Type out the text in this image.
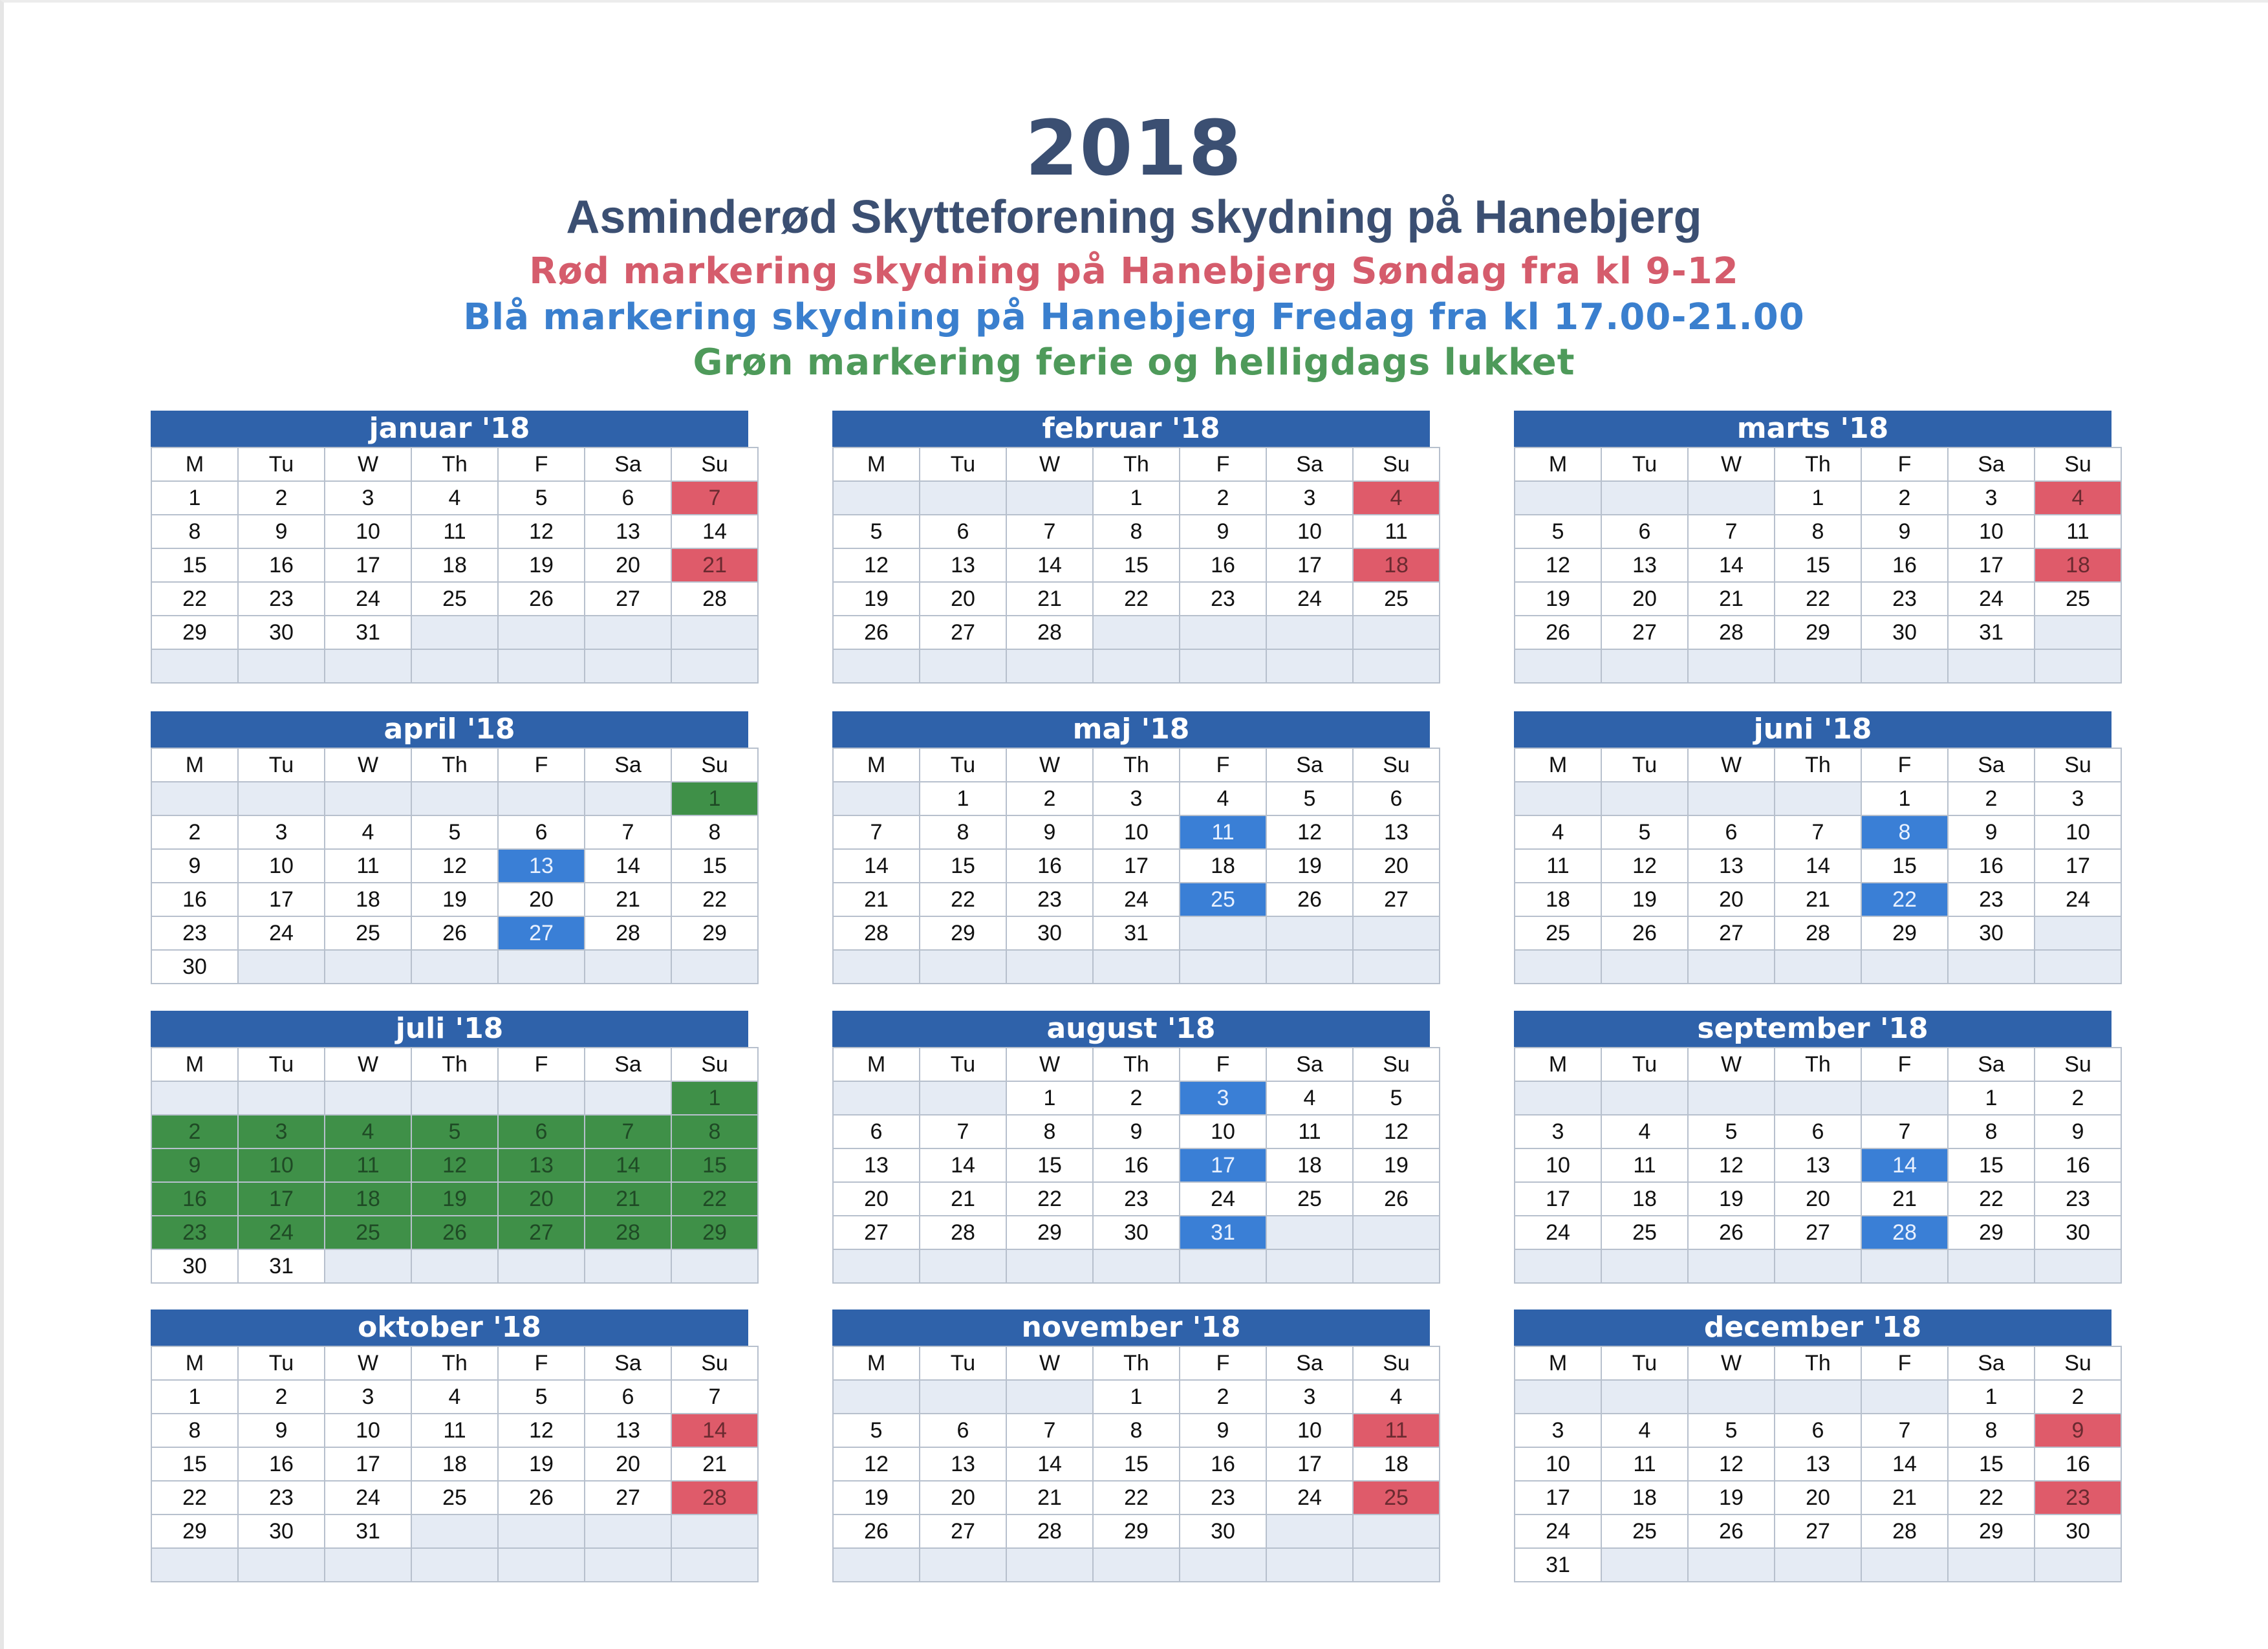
2018
Asminderød Skytteforening skydning på Hanebjerg
Rød markering skydning på Hanebjerg Søndag fra kl 9-12
Blå markering skydning på Hanebjerg Fredag fra kl 17.00-21.00
Grøn markering ferie og helligdags lukket
januar '18
M	Tu	W	Th	F	Sa	Su
1	2	3	4	5	6	7
8	9	10	11	12	13	14
15	16	17	18	19	20	21
22	23	24	25	26	27	28
29	30	31				

februar '18
M	Tu	W	Th	F	Sa	Su
			1	2	3	4
5	6	7	8	9	10	11
12	13	14	15	16	17	18
19	20	21	22	23	24	25
26	27	28				

marts '18
M	Tu	W	Th	F	Sa	Su
			1	2	3	4
5	6	7	8	9	10	11
12	13	14	15	16	17	18
19	20	21	22	23	24	25
26	27	28	29	30	31	

april '18
M	Tu	W	Th	F	Sa	Su
						1
2	3	4	5	6	7	8
9	10	11	12	13	14	15
16	17	18	19	20	21	22
23	24	25	26	27	28	29
30						
maj '18
M	Tu	W	Th	F	Sa	Su
	1	2	3	4	5	6
7	8	9	10	11	12	13
14	15	16	17	18	19	20
21	22	23	24	25	26	27
28	29	30	31			

juni '18
M	Tu	W	Th	F	Sa	Su
				1	2	3
4	5	6	7	8	9	10
11	12	13	14	15	16	17
18	19	20	21	22	23	24
25	26	27	28	29	30	

juli '18
M	Tu	W	Th	F	Sa	Su
						1
2	3	4	5	6	7	8
9	10	11	12	13	14	15
16	17	18	19	20	21	22
23	24	25	26	27	28	29
30	31					
august '18
M	Tu	W	Th	F	Sa	Su
		1	2	3	4	5
6	7	8	9	10	11	12
13	14	15	16	17	18	19
20	21	22	23	24	25	26
27	28	29	30	31		

september '18
M	Tu	W	Th	F	Sa	Su
					1	2
3	4	5	6	7	8	9
10	11	12	13	14	15	16
17	18	19	20	21	22	23
24	25	26	27	28	29	30

oktober '18
M	Tu	W	Th	F	Sa	Su
1	2	3	4	5	6	7
8	9	10	11	12	13	14
15	16	17	18	19	20	21
22	23	24	25	26	27	28
29	30	31				

november '18
M	Tu	W	Th	F	Sa	Su
			1	2	3	4
5	6	7	8	9	10	11
12	13	14	15	16	17	18
19	20	21	22	23	24	25
26	27	28	29	30		

december '18
M	Tu	W	Th	F	Sa	Su
					1	2
3	4	5	6	7	8	9
10	11	12	13	14	15	16
17	18	19	20	21	22	23
24	25	26	27	28	29	30
31						
